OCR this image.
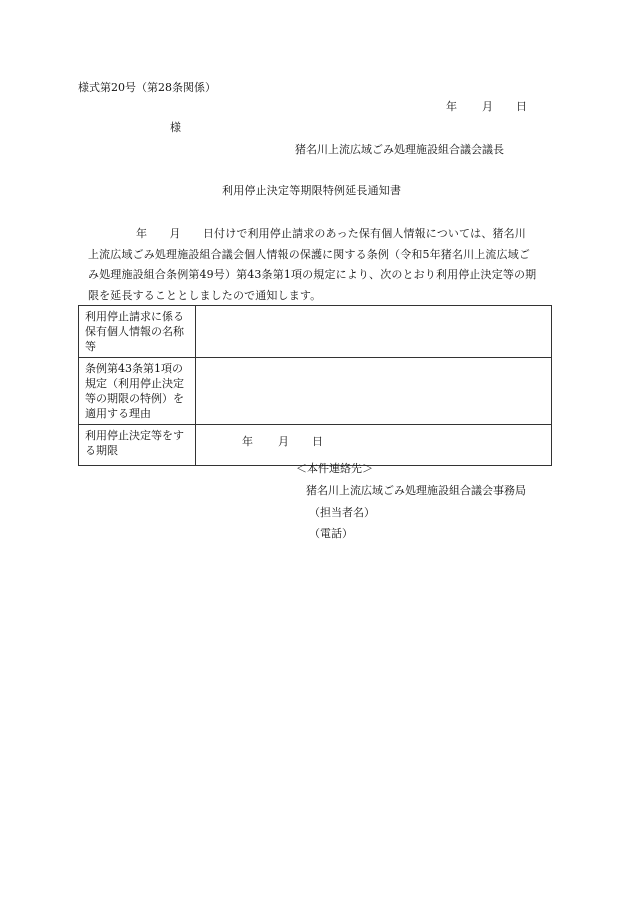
様式第20号（第28条関係）
年 月 日
様
猪名川上流広域ごみ処理施設組合議会議長
利用停止決定等期限特例延長通知書
年　　月　　日付けで利用停止請求のあった保有個人情報については、猪名川
上流広域ごみ処理施設組合議会個人情報の保護に関する条例（令和5年猪名川上流広域ご
み処理施設組合条例第49号）第43条第1項の規定により、次のとおり利用停止決定等の期
限を延長することとしましたので通知します。
利用停止請求に係る保有個人情報の名称等	
条例第43条第1項の規定（利用停止決定等の期限の特例）を適用する理由	
利用停止決定等をする期限	年 月 日
＜本件連絡先＞
猪名川上流広域ごみ処理施設組合議会事務局
（担当者名）
（電話）
